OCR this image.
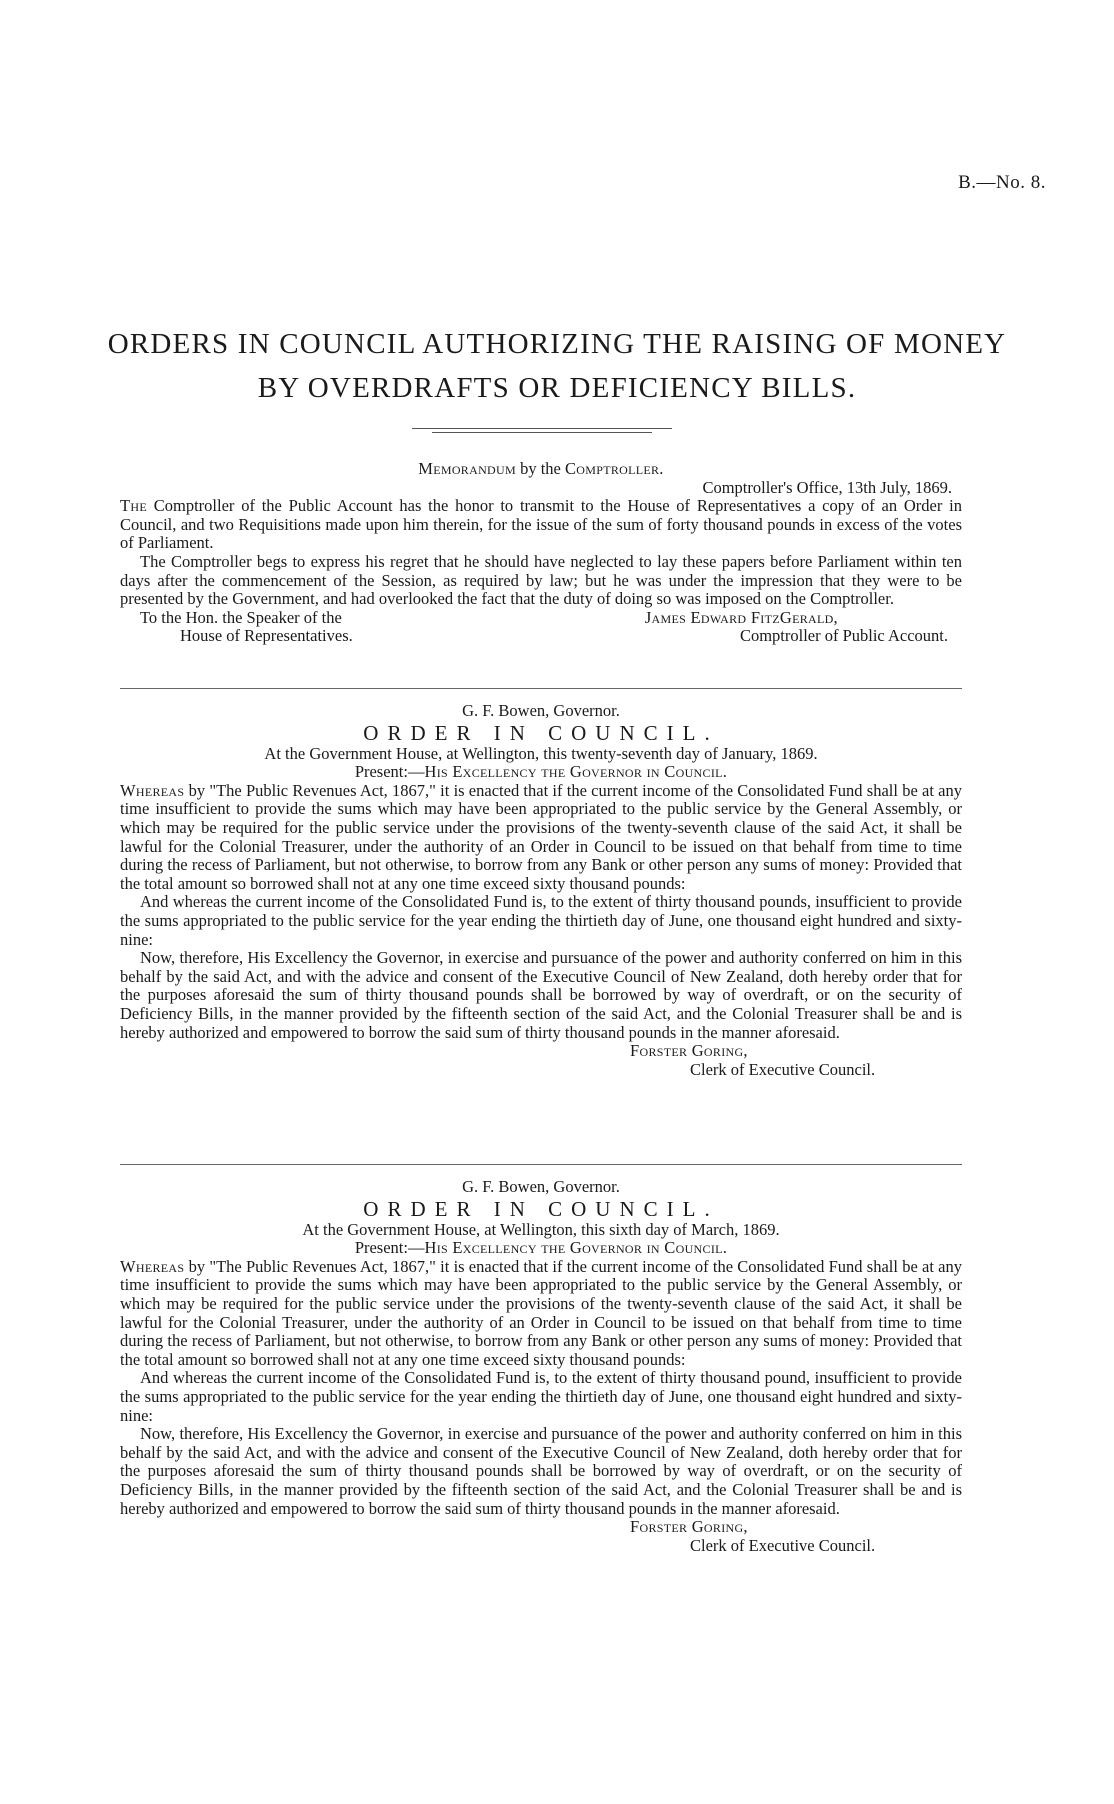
B.—No. 8.
ORDERS IN COUNCIL AUTHORIZING THE RAISING OF MONEY
BY OVERDRAFTS OR DEFICIENCY BILLS.

Memorandum by the Comptroller.

Comptroller's Office, 13th July, 1869.

The Comptroller of the Public Account has the honor to transmit to the House of Representatives a copy of an Order in Council, and two Requisitions made upon him therein, for the issue of the sum of forty thousand pounds in excess of the votes of Parliament.

The Comptroller begs to express his regret that he should have neglected to lay these papers before Parliament within ten days after the commencement of the Session, as required by law; but he was under the impression that they were to be presented by the Government, and had overlooked the fact that the duty of doing so was imposed on the Comptroller.

To the Hon. the Speaker of the	James Edward FitzGerald,
House of Representatives.	Comptroller of Public Account.

G. F. Bowen, Governor.

ORDER IN COUNCIL.

At the Government House, at Wellington, this twenty-seventh day of January, 1869.

Present:—His Excellency the Governor in Council.

Whereas by "The Public Revenues Act, 1867," it is enacted that if the current income of the Consolidated Fund shall be at any time insufficient to provide the sums which may have been appropriated to the public service by the General Assembly, or which may be required for the public service under the provisions of the twenty-seventh clause of the said Act, it shall be lawful for the Colonial Treasurer, under the authority of an Order in Council to be issued on that behalf from time to time during the recess of Parliament, but not otherwise, to borrow from any Bank or other person any sums of money: Provided that the total amount so borrowed shall not at any one time exceed sixty thousand pounds:

And whereas the current income of the Consolidated Fund is, to the extent of thirty thousand pounds, insufficient to provide the sums appropriated to the public service for the year ending the thirtieth day of June, one thousand eight hundred and sixty-nine:

Now, therefore, His Excellency the Governor, in exercise and pursuance of the power and authority conferred on him in this behalf by the said Act, and with the advice and consent of the Executive Council of New Zealand, doth hereby order that for the purposes aforesaid the sum of thirty thousand pounds shall be borrowed by way of overdraft, or on the security of Deficiency Bills, in the manner provided by the fifteenth section of the said Act, and the Colonial Treasurer shall be and is hereby authorized and empowered to borrow the said sum of thirty thousand pounds in the manner aforesaid.

Forster Goring,

Clerk of Executive Council.

G. F. Bowen, Governor.

ORDER IN COUNCIL.

At the Government House, at Wellington, this sixth day of March, 1869.

Present:—His Excellency the Governor in Council.

Whereas by "The Public Revenues Act, 1867," it is enacted that if the current income of the Consolidated Fund shall be at any time insufficient to provide the sums which may have been appropriated to the public service by the General Assembly, or which may be required for the public service under the provisions of the twenty-seventh clause of the said Act, it shall be lawful for the Colonial Treasurer, under the authority of an Order in Council to be issued on that behalf from time to time during the recess of Parliament, but not otherwise, to borrow from any Bank or other person any sums of money: Provided that the total amount so borrowed shall not at any one time exceed sixty thousand pounds:

And whereas the current income of the Consolidated Fund is, to the extent of thirty thousand pound, insufficient to provide the sums appropriated to the public service for the year ending the thirtieth day of June, one thousand eight hundred and sixty-nine:

Now, therefore, His Excellency the Governor, in exercise and pursuance of the power and authority conferred on him in this behalf by the said Act, and with the advice and consent of the Executive Council of New Zealand, doth hereby order that for the purposes aforesaid the sum of thirty thousand pounds shall be borrowed by way of overdraft, or on the security of Deficiency Bills, in the manner provided by the fifteenth section of the said Act, and the Colonial Treasurer shall be and is hereby authorized and empowered to borrow the said sum of thirty thousand pounds in the manner aforesaid.

Forster Goring,

Clerk of Executive Council.
